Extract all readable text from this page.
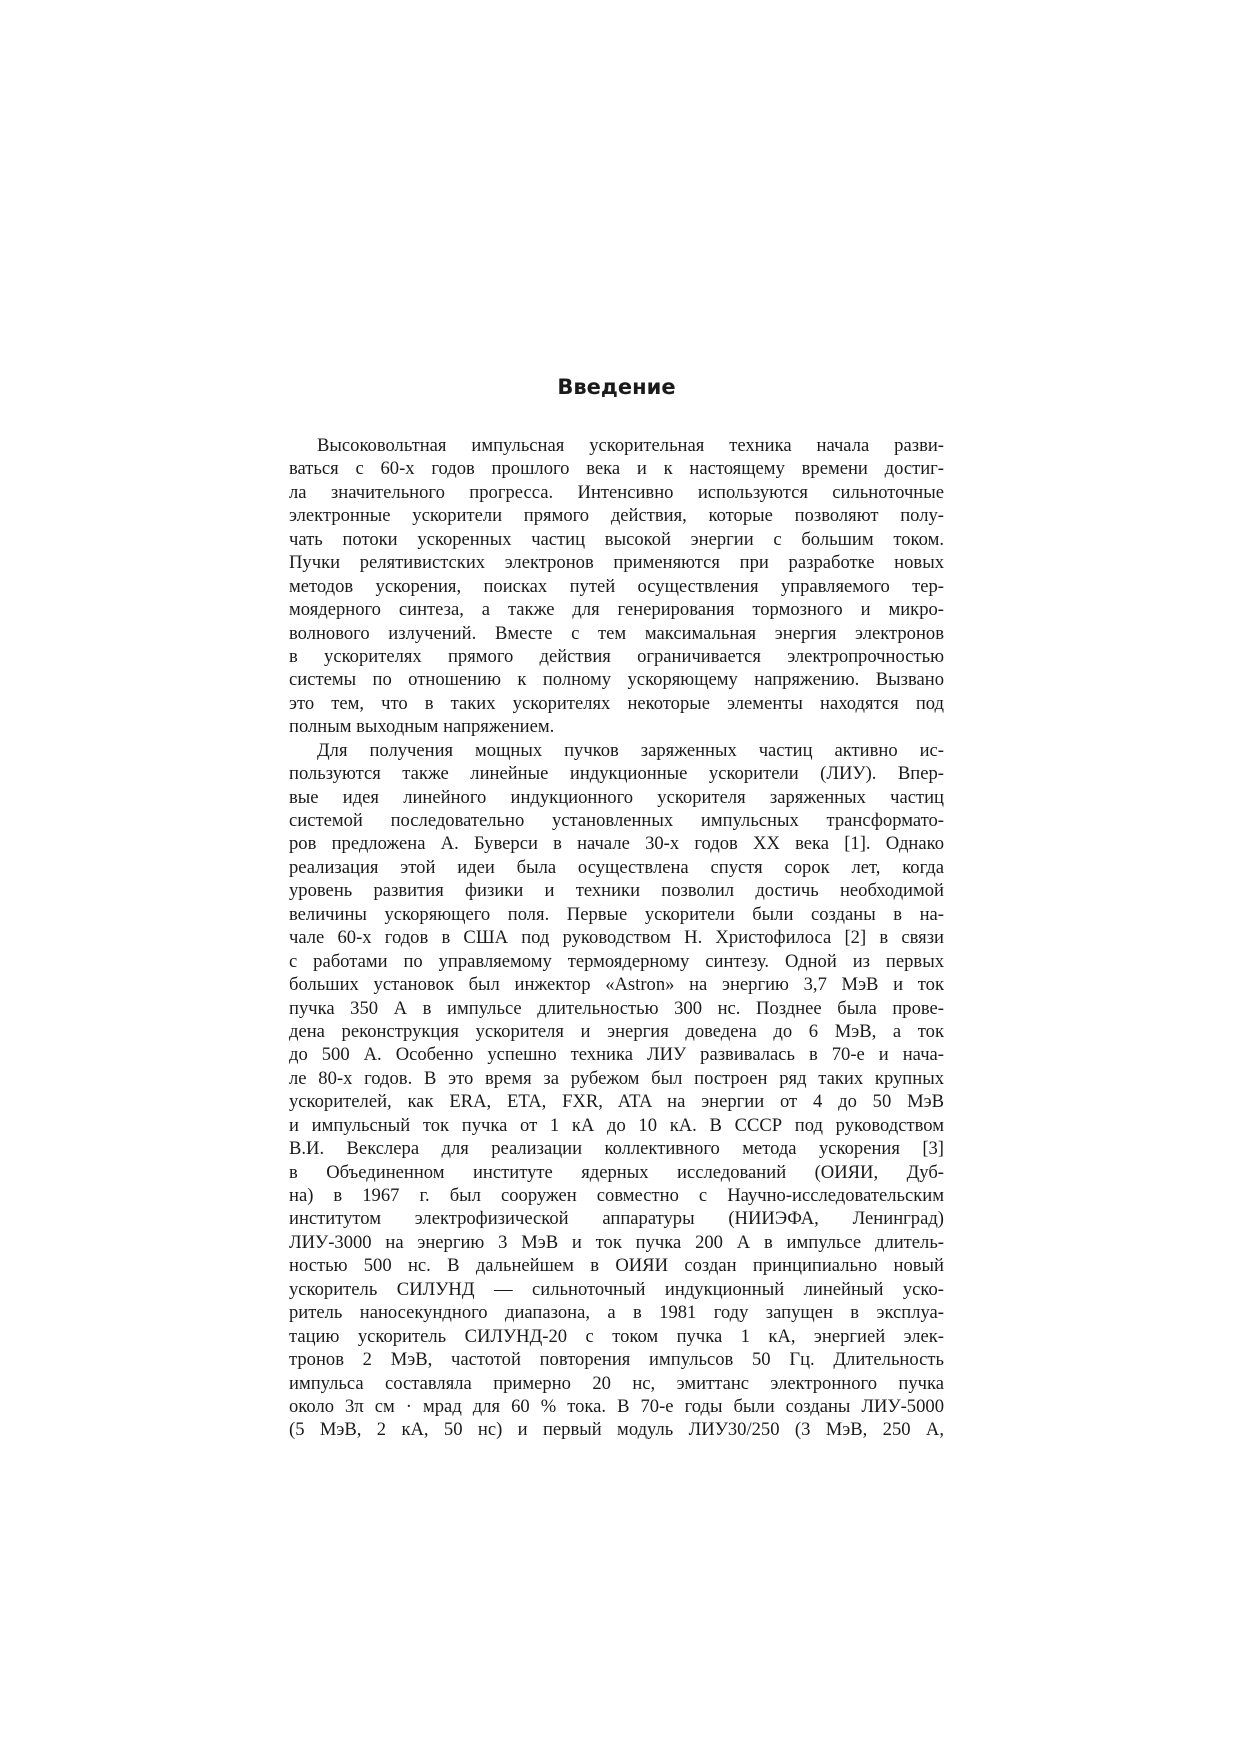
Введение
Высоковольтная импульсная ускорительная техника начала разви-
ваться с 60-х годов прошлого века и к настоящему времени достиг-
ла значительного прогресса. Интенсивно используются сильноточные
электронные ускорители прямого действия, которые позволяют полу-
чать потоки ускоренных частиц высокой энергии с большим током.
Пучки релятивистских электронов применяются при разработке новых
методов ускорения, поисках путей осуществления управляемого тер-
моядерного синтеза, а также для генерирования тормозного и микро-
волнового излучений. Вместе с тем максимальная энергия электронов
в ускорителях прямого действия ограничивается электропрочностью
системы по отношению к полному ускоряющему напряжению. Вызвано
это тем, что в таких ускорителях некоторые элементы находятся под
полным выходным напряжением.
Для получения мощных пучков заряженных частиц активно ис-
пользуются также линейные индукционные ускорители (ЛИУ). Впер-
вые идея линейного индукционного ускорителя заряженных частиц
системой последовательно установленных импульсных трансформато-
ров предложена А. Буверси в начале 30-х годов XX века [1]. Однако
реализация этой идеи была осуществлена спустя сорок лет, когда
уровень развития физики и техники позволил достичь необходимой
величины ускоряющего поля. Первые ускорители были созданы в на-
чале 60-х годов в США под руководством Н. Христофилоса [2] в связи
с работами по управляемому термоядерному синтезу. Одной из первых
больших установок был инжектор «Astron» на энергию 3,7 МэВ и ток
пучка 350 А в импульсе длительностью 300 нс. Позднее была прове-
дена реконструкция ускорителя и энергия доведена до 6 МэВ, а ток
до 500 А. Особенно успешно техника ЛИУ развивалась в 70-е и нача-
ле 80-х годов. В это время за рубежом был построен ряд таких крупных
ускорителей, как ERA, ETA, FXR, ATA на энергии от 4 до 50 МэВ
и импульсный ток пучка от 1 кА до 10 кА. В СССР под руководством
В.И. Векслера для реализации коллективного метода ускорения [3]
в Объединенном институте ядерных исследований (ОИЯИ, Дуб-
на) в 1967 г. был сооружен совместно с Научно-исследовательским
институтом электрофизической аппаратуры (НИИЭФА, Ленинград)
ЛИУ-3000 на энергию 3 МэВ и ток пучка 200 А в импульсе длитель-
ностью 500 нс. В дальнейшем в ОИЯИ создан принципиально новый
ускоритель СИЛУНД — сильноточный индукционный линейный уско-
ритель наносекундного диапазона, а в 1981 году запущен в эксплуа-
тацию ускоритель СИЛУНД-20 с током пучка 1 кА, энергией элек-
тронов 2 МэВ, частотой повторения импульсов 50 Гц. Длительность
импульса составляла примерно 20 нс, эмиттанс электронного пучка
около 3π см · мрад для 60 % тока. В 70-е годы были созданы ЛИУ-5000
(5 МэВ, 2 кА, 50 нс) и первый модуль ЛИУ30/250 (3 МэВ, 250 А,
